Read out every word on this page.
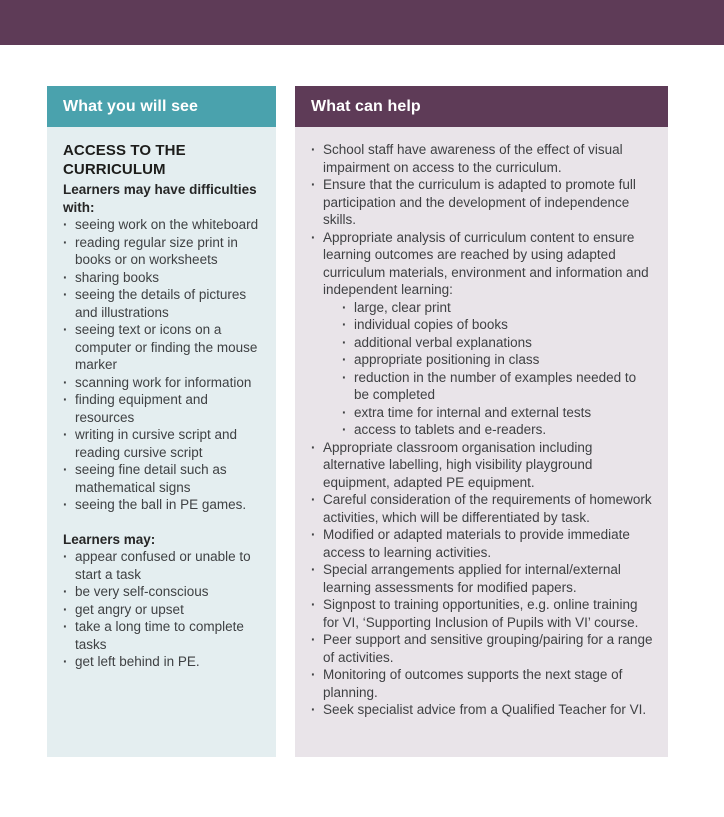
What you will see
ACCESS TO THE CURRICULUM

Learners may have difficulties with:

· seeing work on the whiteboard
· reading regular size print in books or on worksheets
· sharing books
· seeing the details of pictures and illustrations
· seeing text or icons on a computer or finding the mouse marker
· scanning work for information
· finding equipment and resources
· writing in cursive script and reading cursive script
· seeing fine detail such as mathematical signs
· seeing the ball in PE games.

Learners may:

· appear confused or unable to start a task
· be very self-conscious
· get angry or upset
· take a long time to complete tasks
· get left behind in PE.
What can help
· School staff have awareness of the effect of visual impairment on access to the curriculum.
· Ensure that the curriculum is adapted to promote full participation and the development of independence skills.
· Appropriate analysis of curriculum content to ensure learning outcomes are reached by using adapted curriculum materials, environment and information and independent learning:
· large, clear print
· individual copies of books
· additional verbal explanations
· appropriate positioning in class
· reduction in the number of examples needed to be completed
· extra time for internal and external tests
· access to tablets and e-readers.
· Appropriate classroom organisation including alternative labelling, high visibility playground equipment, adapted PE equipment.
· Careful consideration of the requirements of homework activities, which will be differentiated by task.
· Modified or adapted materials to provide immediate access to learning activities.
· Special arrangements applied for internal/external learning assessments for modified papers.
· Signpost to training opportunities, e.g. online training for VI, ‘Supporting Inclusion of Pupils with VI’ course.
· Peer support and sensitive grouping/pairing for a range of activities.
· Monitoring of outcomes supports the next stage of planning.
· Seek specialist advice from a Qualified Teacher for VI.
